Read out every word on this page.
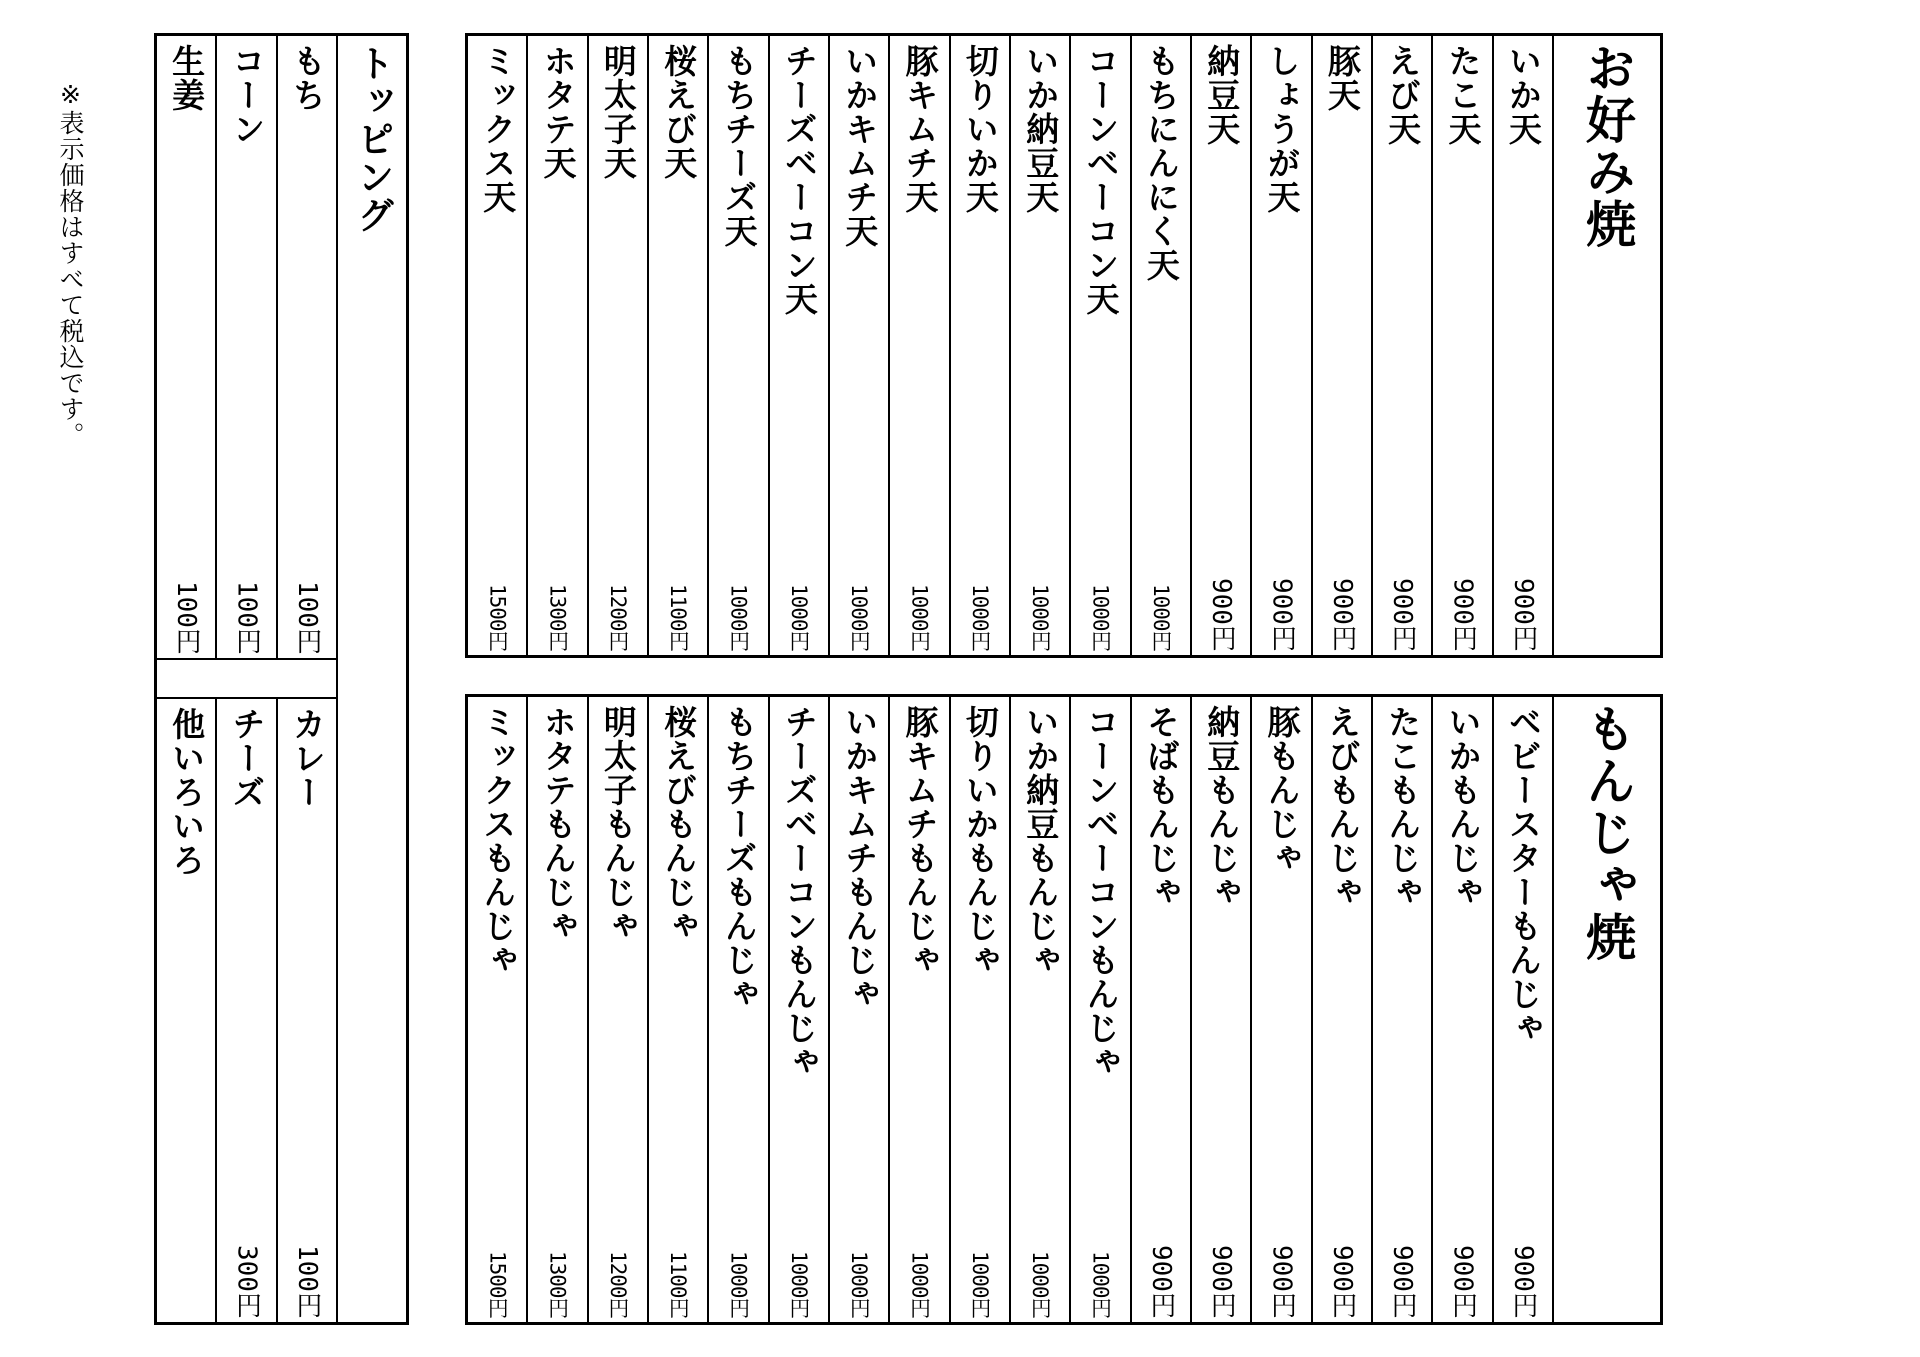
※表示価格はすべて税込です。	トッピング
もち
100円
コーン
100円
生姜
100円
カレー
100円
チーズ
300円
他いろいろ
お好み焼
いか天
900円
たこ天
900円
えび天
900円
豚天
900円
しょうが天
900円
納豆天
900円
もちにんにく天
1000円
コーンベーコン天
1000円
いか納豆天
1000円
切りいか天
1000円
豚キムチ天
1000円
いかキムチ天
1000円
チーズベーコン天
1000円
もちチーズ天
1000円
桜えび天
1100円
明太子天
1200円
ホタテ天
1300円
ミックス天
1500円
もんじゃ焼
ベビースターもんじゃ
900円
いかもんじゃ
900円
たこもんじゃ
900円
えびもんじゃ
900円
豚もんじゃ
900円
納豆もんじゃ
900円
そばもんじゃ
900円
コーンベーコンもんじゃ
1000円
いか納豆もんじゃ
1000円
切りいかもんじゃ
1000円
豚キムチもんじゃ
1000円
いかキムチもんじゃ
1000円
チーズベーコンもんじゃ
1000円
もちチーズもんじゃ
1000円
桜えびもんじゃ
1100円
明太子もんじゃ
1200円
ホタテもんじゃ
1300円
ミックスもんじゃ
1500円
